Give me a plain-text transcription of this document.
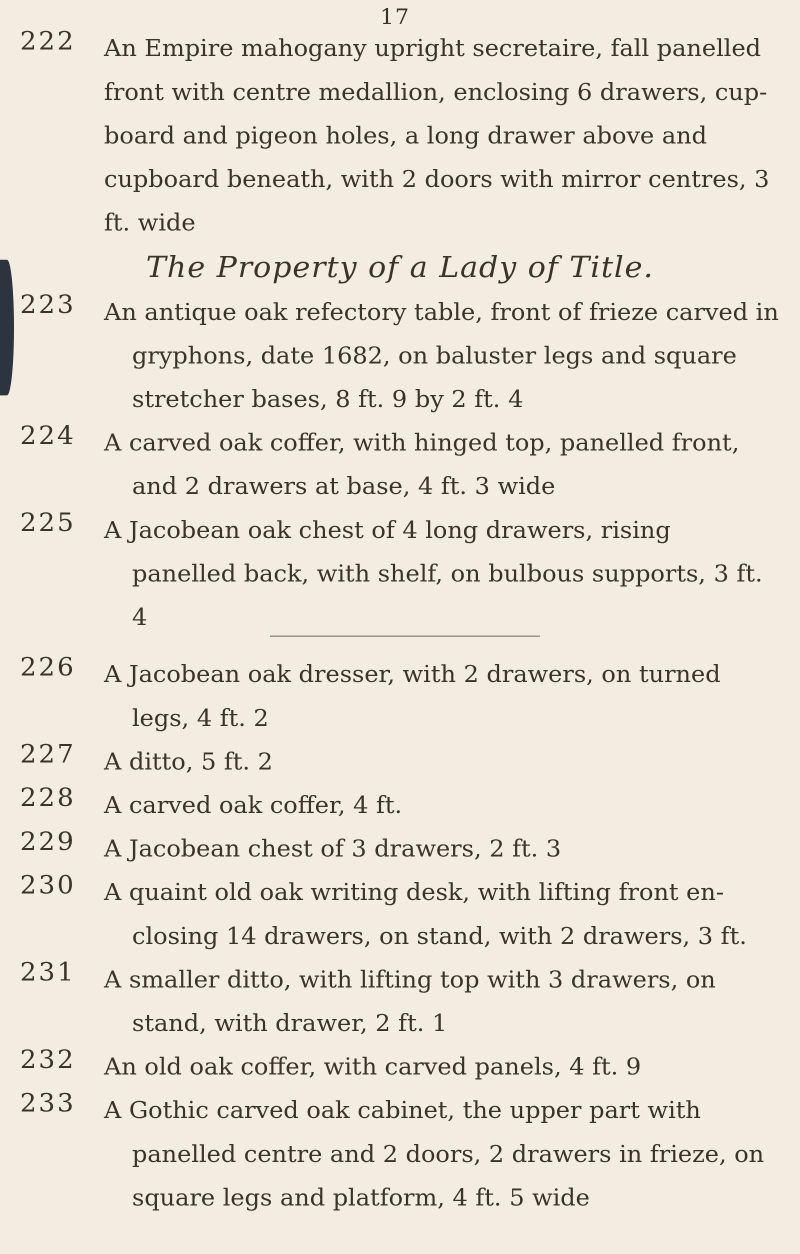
17
222 An Empire mahogany upright secretaire, fall panelled front with centre medallion, enclosing 6 drawers, cup-board and pigeon holes, a long drawer above and cupboard beneath, with 2 doors with mirror centres, 3 ft. wide
The Property of a Lady of Title.
223 An antique oak refectory table, front of frieze carved in gryphons, date 1682, on baluster legs and square stretcher bases, 8 ft. 9 by 2 ft. 4
224 A carved oak coffer, with hinged top, panelled front, and 2 drawers at base, 4 ft. 3 wide
225 A Jacobean oak chest of 4 long drawers, rising panelled back, with shelf, on bulbous supports, 3 ft. 4
226 A Jacobean oak dresser, with 2 drawers, on turned legs, 4 ft. 2
227 A ditto, 5 ft. 2
228 A carved oak coffer, 4 ft.
229 A Jacobean chest of 3 drawers, 2 ft. 3
230 A quaint old oak writing desk, with lifting front en-closing 14 drawers, on stand, with 2 drawers, 3 ft.
231 A smaller ditto, with lifting top with 3 drawers, on stand, with drawer, 2 ft. 1
232 An old oak coffer, with carved panels, 4 ft. 9
233 A Gothic carved oak cabinet, the upper part with panelled centre and 2 doors, 2 drawers in frieze, on square legs and platform, 4 ft. 5 wide
